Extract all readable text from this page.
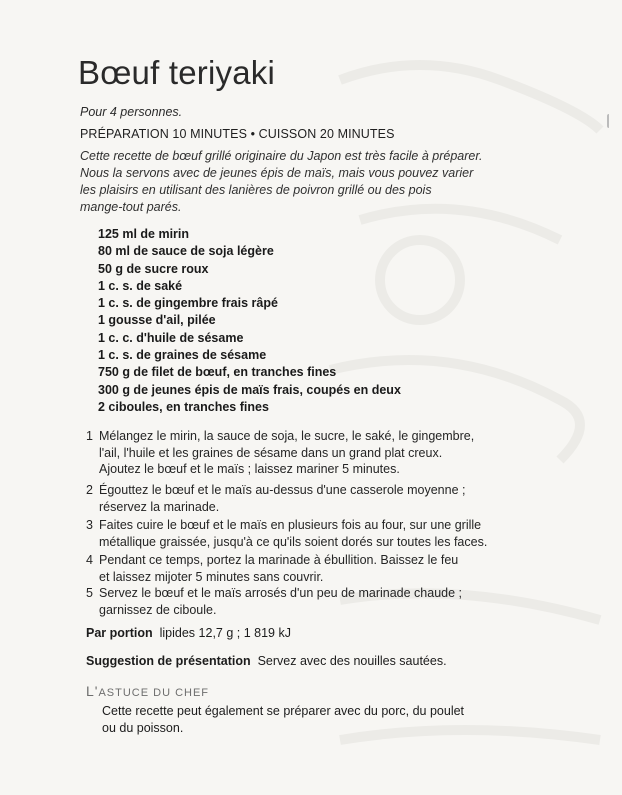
Bœuf teriyaki
Pour 4 personnes.
PRÉPARATION 10 MINUTES • CUISSON 20 MINUTES
Cette recette de bœuf grillé originaire du Japon est très facile à préparer.
Nous la servons avec de jeunes épis de maïs, mais vous pouvez varier
les plaisirs en utilisant des lanières de poivron grillé ou des pois
mange-tout parés.
125 ml de mirin
80 ml de sauce de soja légère
50 g de sucre roux
1 c. s. de saké
1 c. s. de gingembre frais râpé
1 gousse d'ail, pilée
1 c. c. d'huile de sésame
1 c. s. de graines de sésame
750 g de filet de bœuf, en tranches fines
300 g de jeunes épis de maïs frais, coupés en deux
2 ciboules, en tranches fines
1 Mélangez le mirin, la sauce de soja, le sucre, le saké, le gingembre,
l'ail, l'huile et les graines de sésame dans un grand plat creux.
Ajoutez le bœuf et le maïs ; laissez mariner 5 minutes.
2 Égouttez le bœuf et le maïs au-dessus d'une casserole moyenne ;
réservez la marinade.
3 Faites cuire le bœuf et le maïs en plusieurs fois au four, sur une grille
métallique graissée, jusqu'à ce qu'ils soient dorés sur toutes les faces.
4 Pendant ce temps, portez la marinade à ébullition. Baissez le feu
et laissez mijoter 5 minutes sans couvrir.
5 Servez le bœuf et le maïs arrosés d'un peu de marinade chaude ;
garnissez de ciboule.
Par portion lipides 12,7 g ; 1 819 kJ
Suggestion de présentation Servez avec des nouilles sautées.
L'ASTUCE DU CHEF
Cette recette peut également se préparer avec du porc, du poulet
ou du poisson.
